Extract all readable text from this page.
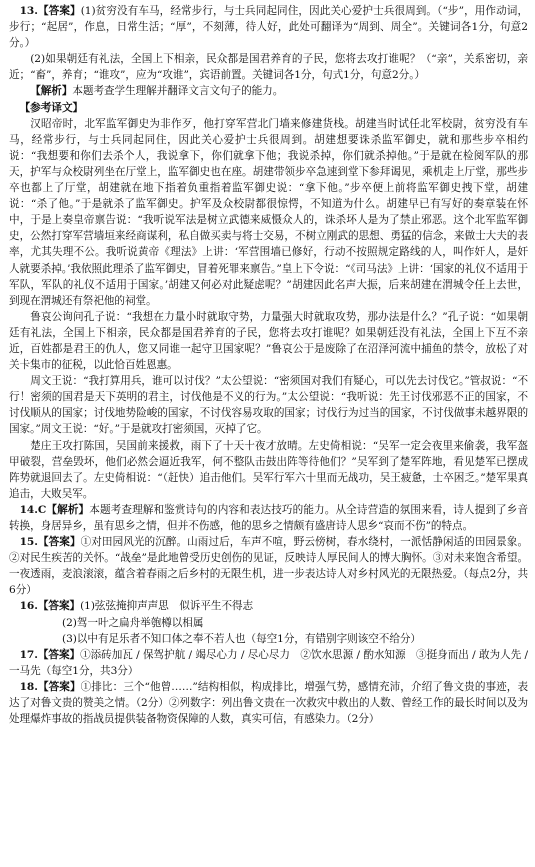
13.【答案】(1)贫穷没有车马，经常步行，与士兵同起同住，因此关心爱护士兵很周到。（“步”，用作动词，步行；“起居”，作息，日常生活；“厚”，不刻薄，待人好，此处可翻译为“周到、周全”。关键词各1分，句意2分。）

(2)如果朝廷有礼法，全国上下相亲，民众都是国君养育的子民，您将去攻打谁呢？（“亲”，关系密切，亲近；“畜”，养育；“谁攻”，应为“攻谁”，宾语前置。关键词各1分，句式1分，句意2分。）

【解析】本题考查学生理解并翻译文言文句子的能力。

【参考译文】

汉昭帝时，北军监军御史为非作歹，他打穿军营北门墙来修建货栈。胡建当时试任北军校尉，贫穷没有车马，经常步行，与士兵同起同住，因此关心爱护士兵很周到。胡建想要诛杀监军御史，就和那些步卒相约说：“我想要和你们去杀个人，我说拿下，你们就拿下他；我说杀掉，你们就杀掉他。”于是就在检阅军队的那天，护军与众校尉列坐在厅堂上，监军御史也在座。胡建带领步卒急速到堂下参拜谒见，乘机走上厅堂，那些步卒也都上了厅堂，胡建就在地下指着负重指着监军御史说：“拿下他。”步卒便上前将监军御史拽下堂，胡建说：“杀了他。”于是就杀了监军御史。护军及众校尉都很惊愕，不知道为什么。胡建早已有写好的奏章装在怀中，于是上奏皇帝禀告说：“我听说军法是树立武德来威慑众人的，诛杀坏人是为了禁止邪恶。这个北军监军御史，公然打穿军营墙垣来经商谋利，私自做买卖与将士交易，不树立刚武的思想、勇猛的信念，来做士大夫的表率，尤其失理不公。我听说黄帝《理法》上讲：‘军营围墙已修好，行动不按照规定路线的人，叫作奸人，是奸人就要杀掉。’我依照此理杀了监军御史，冒着死罪来禀告。”皇上下令说：“《司马法》上讲：‘国家的礼仪不适用于军队，军队的礼仪不适用于国家。’胡建又何必对此疑虑呢？”胡建因此名声大振，后来胡建在渭城令任上去世，到现在渭城还有祭祀他的祠堂。

鲁哀公询问孔子说：“我想在力量小时就取守势，力量强大时就取攻势，那办法是什么？”孔子说：“如果朝廷有礼法，全国上下相亲，民众都是国君养育的子民，您将去攻打谁呢？如果朝廷没有礼法，全国上下互不亲近，百姓都是君王的仇人，您又同谁一起守卫国家呢？”鲁哀公于是废除了在沼泽河流中捕鱼的禁令，放松了对关卡集市的征税，以此恰百姓恩惠。

周文王说：“我打算用兵，谁可以讨伐？”太公望说：“密须国对我们有疑心，可以先去讨伐它。”管叔说：“不行！密须的国君是天下英明的君主，讨伐他是不义的行为。”太公望说：“我听说：先王讨伐邪恶不正的国家，不讨伐顺从的国家；讨伐地势险峻的国家，不讨伐容易攻取的国家；讨伐行为过当的国家，不讨伐做事未越界限的国家。”周文王说：“好。”于是就攻打密须国，灭掉了它。

楚庄王攻打陈国，吴国前来援救，雨下了十天十夜才放晴。左史倚相说：“吴军一定会夜里来偷袭，我军盔甲破裂，营垒毁坏，他们必然会逼近我军，何不整队击鼓出阵等待他们？”吴军到了楚军阵地，看见楚军已摆成阵势就退回去了。左史倚相说：“（赶快）追击他们。吴军行军六十里而无战功，吴王疲惫，士卒困乏。”楚军果真追击，大败吴军。

14.C【解析】本题考查理解和鉴赏诗句的内容和表达技巧的能力。从全诗营造的氛围来看，诗人提到了乡音转换，身居异乡，虽有思乡之情，但并不伤感，他的思乡之情颇有盛唐诗人思乡“哀而不伤”的特点。

15.【答案】①对田园风光的沉醉。山雨过后，车声不喧，野云傍树，春水绕村，一派恬静闲适的田园景象。②对民生疾苦的关怀。“战垒”是此地曾受历史创伤的见证，反映诗人厚民间人的博大胸怀。③对未来饱含希望。一夜透雨，麦浪滚滚，蕴含着春雨之后乡村的无限生机，进一步表达诗人对乡村风光的无限热爱。（每点2分，共6分）

16.【答案】(1)弦弦掩抑声声思　似诉平生不得志

(2)驾一叶之扁舟举匏樽以相属

(3)以中有足乐者不知口体之奉不若人也（每空1分，有错别字则该空不给分）

17.【答案】①添砖加瓦 / 保驾护航 / 竭尽心力 / 尽心尽力　②饮水思源 / 酌水知源　③挺身而出 / 敢为人先 / 一马先（每空1分，共3分）

18.【答案】①排比：三个“他曾……”结构相似，构成排比，增强气势，感情充沛，介绍了鲁文贵的事迹，表达了对鲁文贵的赞美之情。（2分）②列数字：列出鲁文贵在一次救灾中救出的人数、曾经工作的最长时间以及为处理爆炸事故的指战员提供装备物资保障的人数，真实可信，有感染力。（2分）
